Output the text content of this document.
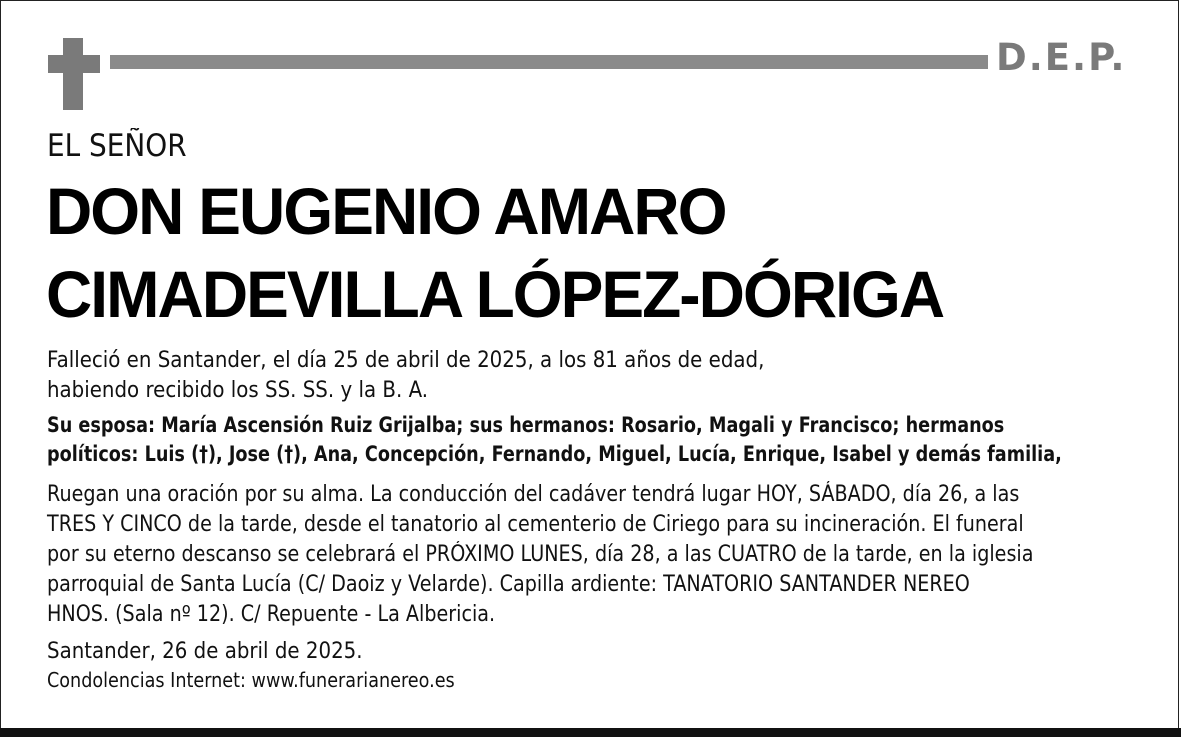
D.E.P.
EL SEÑOR
DON EUGENIO AMARO
CIMADEVILLA LÓPEZ-DÓRIGA
Falleció en Santander, el día 25 de abril de 2025, a los 81 años de edad,
habiendo recibido los SS. SS. y la B. A.
Su esposa: María Ascensión Ruiz Grijalba; sus hermanos: Rosario, Magali y Francisco; hermanos
políticos: Luis (†), Jose (†), Ana, Concepción, Fernando, Miguel, Lucía, Enrique, Isabel y demás familia,
Ruegan una oración por su alma. La conducción del cadáver tendrá lugar HOY, SÁBADO, día 26, a las
TRES Y CINCO de la tarde, desde el tanatorio al cementerio de Ciriego para su incineración. El funeral
por su eterno descanso se celebrará el PRÓXIMO LUNES, día 28, a las CUATRO de la tarde, en la iglesia
parroquial de Santa Lucía (C/ Daoiz y Velarde). Capilla ardiente: TANATORIO SANTANDER NEREO
HNOS. (Sala nº 12). C/ Repuente - La Albericia.
Santander, 26 de abril de 2025.
Condolencias Internet: www.funerarianereo.es
